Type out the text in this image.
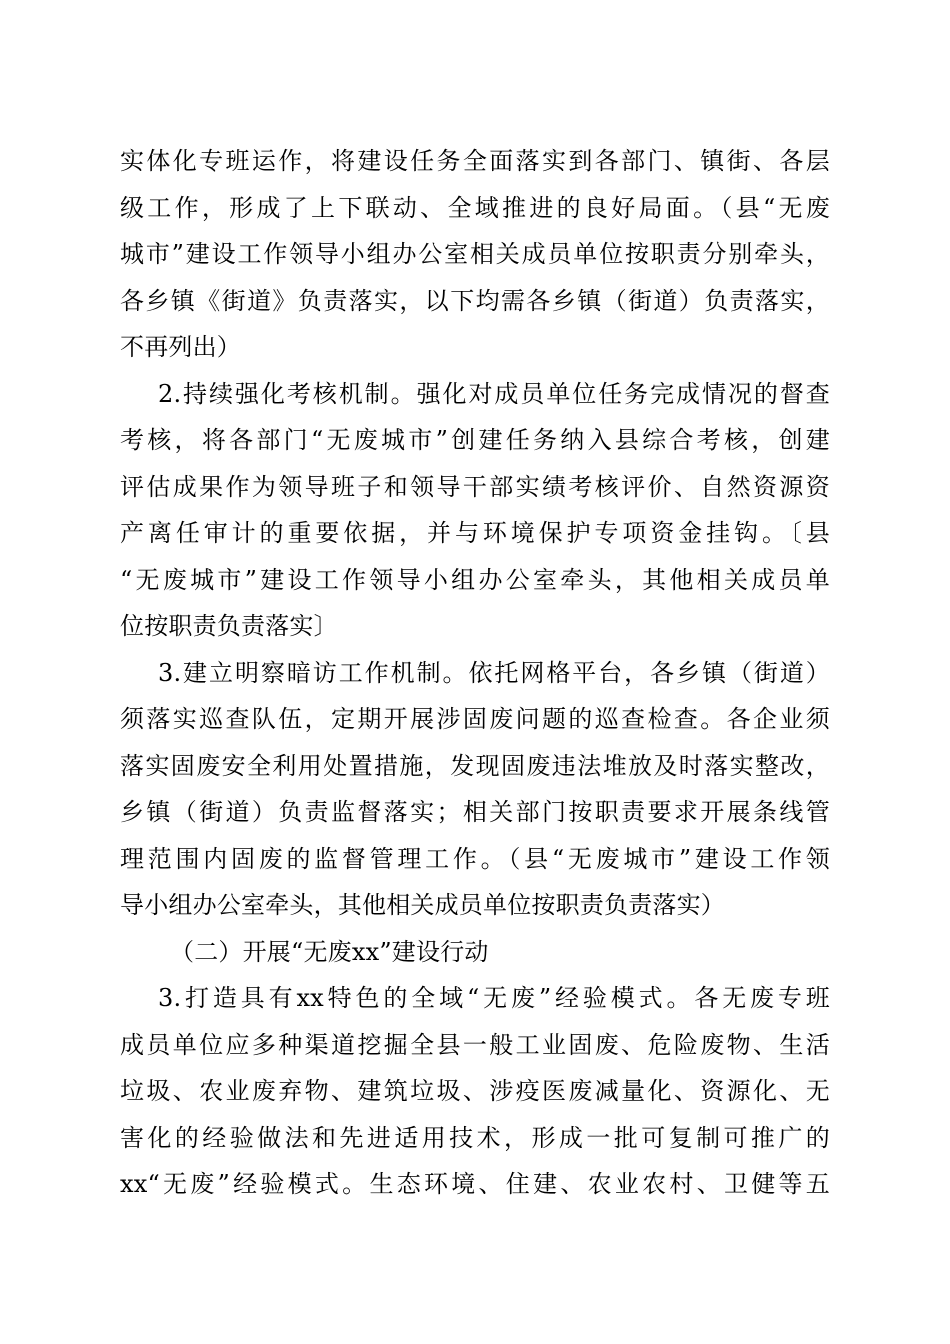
实体化专班运作，将建设任务全面落实到各部门、镇街、各层
级工作，形成了上下联动、全域推进的良好局面。（县“无废
城市”建设工作领导小组办公室相关成员单位按职责分别牵头，
各乡镇《街道》负责落实，以下均需各乡镇（街道）负责落实，
不再列出）
2.持续强化考核机制。强化对成员单位任务完成情况的督查
考核，将各部门“无废城市”创建任务纳入县综合考核，创建
评估成果作为领导班子和领导干部实绩考核评价、自然资源资
产离任审计的重要依据，并与环境保护专项资金挂钩。〔县
“无废城市”建设工作领导小组办公室牵头，其他相关成员单
位按职责负责落实〕
3.建立明察暗访工作机制。依托网格平台，各乡镇（街道）
须落实巡查队伍，定期开展涉固废问题的巡查检查。各企业须
落实固废安全利用处置措施，发现固废违法堆放及时落实整改，
乡镇（街道）负责监督落实；相关部门按职责要求开展条线管
理范围内固废的监督管理工作。（县“无废城市”建设工作领
导小组办公室牵头，其他相关成员单位按职责负责落实）
（二）开展“无废xx”建设行动
3.打造具有xx特色的全域“无废”经验模式。各无废专班
成员单位应多种渠道挖掘全县一般工业固废、危险废物、生活
垃圾、农业废弃物、建筑垃圾、涉疫医废减量化、资源化、无
害化的经验做法和先进适用技术，形成一批可复制可推广的
xx“无废”经验模式。生态环境、住建、农业农村、卫健等五
